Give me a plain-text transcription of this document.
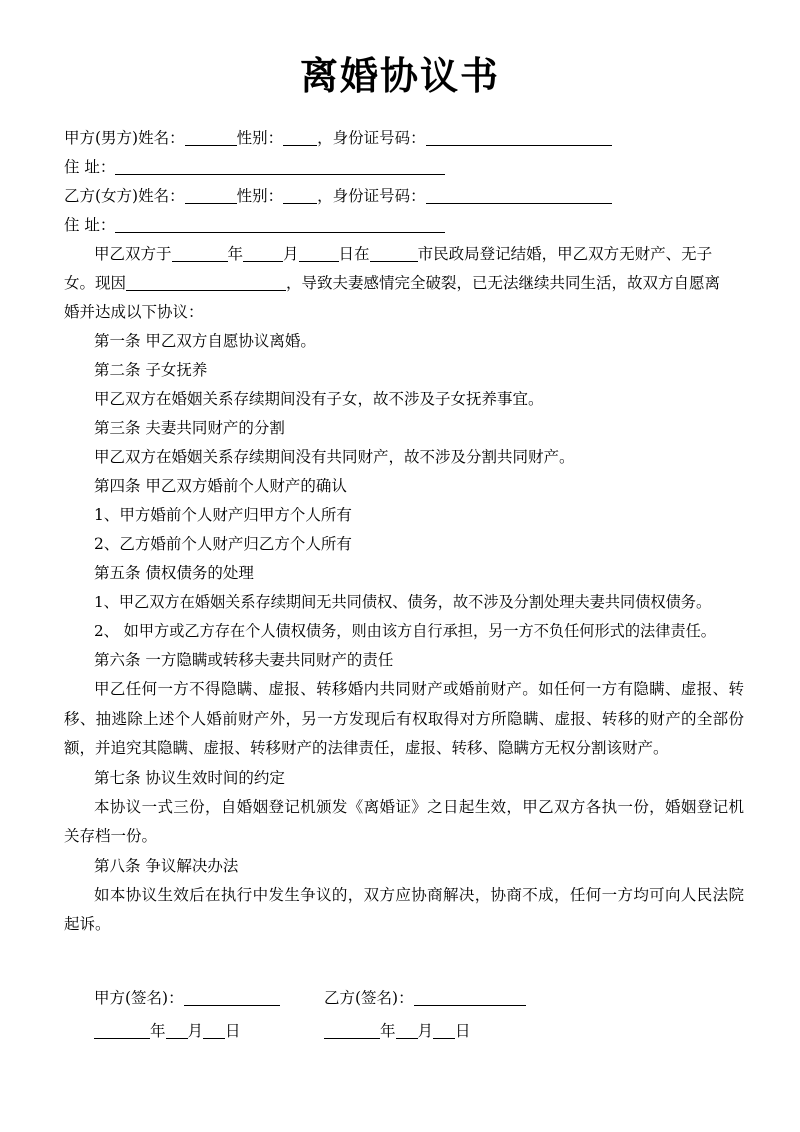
离婚协议书
甲方(男方)姓名：	性别： ，身份证号码：
住 址：
乙方(女方)姓名：	性别： ，身份证号码：
住 址：
甲乙双方于	年	月	日在	市民政局登记结婚，甲乙双方无财产、无子
女。现因	，导致夫妻感情完全破裂，已无法继续共同生活，故双方自愿离
婚并达成以下协议：
第一条 甲乙双方自愿协议离婚。
第二条 子女抚养
甲乙双方在婚姻关系存续期间没有子女，故不涉及子女抚养事宜。
第三条 夫妻共同财产的分割
甲乙双方在婚姻关系存续期间没有共同财产，故不涉及分割共同财产。
第四条 甲乙双方婚前个人财产的确认
1、甲方婚前个人财产归甲方个人所有
2、乙方婚前个人财产归乙方个人所有
第五条 债权债务的处理
1、甲乙双方在婚姻关系存续期间无共同债权、债务，故不涉及分割处理夫妻共同债权债务。
2、 如甲方或乙方存在个人债权债务，则由该方自行承担，另一方不负任何形式的法律责任。
第六条 一方隐瞒或转移夫妻共同财产的责任
甲乙任何一方不得隐瞒、虚报、转移婚内共同财产或婚前财产。如任何一方有隐瞒、虚报、转移、抽逃除上述个人婚前财产外，另一方发现后有权取得对方所隐瞒、虚报、转移的财产的全部份额，并追究其隐瞒、虚报、转移财产的法律责任，虚报、转移、隐瞒方无权分割该财产。
第七条 协议生效时间的约定
本协议一式三份，自婚姻登记机颁发《离婚证》之日起生效，甲乙双方各执一份，婚姻登记机关存档一份。
第八条 争议解决办法
如本协议生效后在执行中发生争议的，双方应协商解决，协商不成，任何一方均可向人民法院起诉。
甲方(签名)：	乙方(签名)：
年 月 日	年 月 日
